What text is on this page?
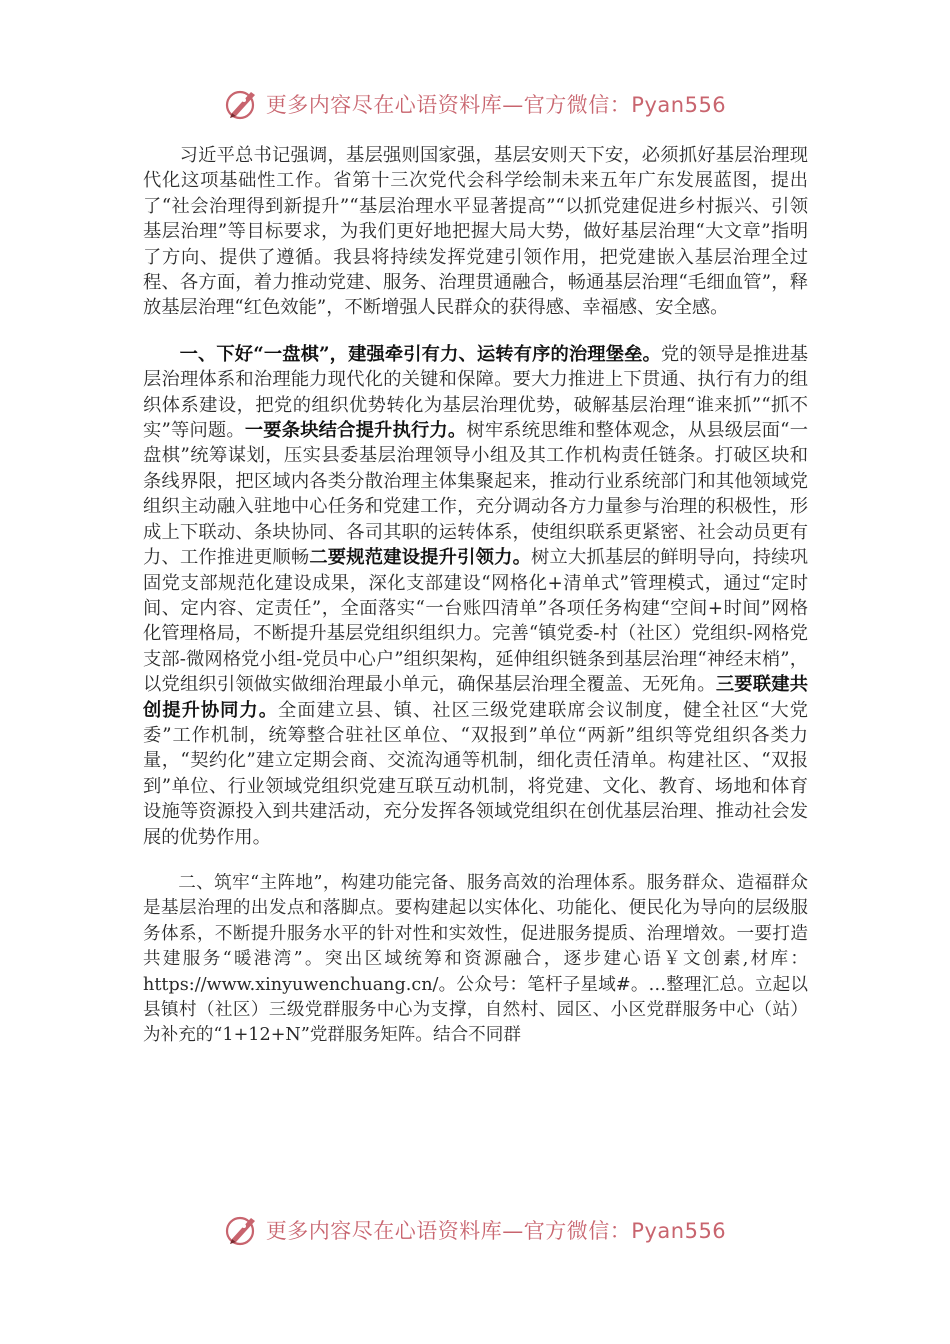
更多内容尽在心语资料库—官方微信：Pyan556

习近平总书记强调，基层强则国家强，基层安则天下安，必须抓好基层治理现代化这项基础性工作。省第十三次党代会科学绘制未来五年广东发展蓝图，提出了“社会治理得到新提升”“基层治理水平显著提高”“以抓党建促进乡村振兴、引领基层治理”等目标要求，为我们更好地把握大局大势，做好基层治理“大文章”指明了方向、提供了遵循。我县将持续发挥党建引领作用，把党建嵌入基层治理全过程、各方面，着力推动党建、服务、治理贯通融合，畅通基层治理“毛细血管”，释放基层治理“红色效能”，不断增强人民群众的获得感、幸福感、安全感。

一、下好“一盘棋”，建强牵引有力、运转有序的治理堡垒。党的领导是推进基层治理体系和治理能力现代化的关键和保障。要大力推进上下贯通、执行有力的组织体系建设，把党的组织优势转化为基层治理优势，破解基层治理“谁来抓”“抓不实”等问题。一要条块结合提升执行力。树牢系统思维和整体观念，从县级层面“一盘棋”统筹谋划，压实县委基层治理领导小组及其工作机构责任链条。打破区块和条线界限，把区域内各类分散治理主体集聚起来，推动行业系统部门和其他领域党组织主动融入驻地中心任务和党建工作，充分调动各方力量参与治理的积极性，形成上下联动、条块协同、各司其职的运转体系，使组织联系更紧密、社会动员更有力、工作推进更顺畅二要规范建设提升引领力。树立大抓基层的鲜明导向，持续巩固党支部规范化建设成果，深化支部建设“网格化+清单式”管理模式，通过“定时间、定内容、定责任”，全面落实“一台账四清单”各项任务构建“空间+时间”网格化管理格局，不断提升基层党组织组织力。完善“镇党委-村（社区）党组织-网格党支部-微网格党小组-党员中心户”组织架构，延伸组织链条到基层治理“神经末梢”，以党组织引领做实做细治理最小单元，确保基层治理全覆盖、无死角。三要联建共创提升协同力。全面建立县、镇、社区三级党建联席会议制度，健全社区“大党委”工作机制，统筹整合驻社区单位、“双报到”单位“两新”组织等党组织各类力量，“契约化”建立定期会商、交流沟通等机制，细化责任清单。构建社区、“双报到”单位、行业领域党组织党建互联互动机制，将党建、文化、教育、场地和体育设施等资源投入到共建活动，充分发挥各领域党组织在创优基层治理、推动社会发展的优势作用。

二、筑牢“主阵地”，构建功能完备、服务高效的治理体系。服务群众、造福群众是基层治理的出发点和落脚点。要构建起以实体化、功能化、便民化为导向的层级服务体系，不断提升服务水平的针对性和实效性，促进服务提质、治理增效。一要打造共建服务“暖港湾”。突出区域统筹和资源融合，逐步建心语￥文创素,材库：https://www.xinyuwenchuang.cn/。公众号：笔杆子星域#。…整理汇总。立起以县镇村（社区）三级党群服务中心为支撑，自然村、园区、小区党群服务中心（站）为补充的“1+12+N”党群服务矩阵。结合不同群

更多内容尽在心语资料库—官方微信：Pyan556
